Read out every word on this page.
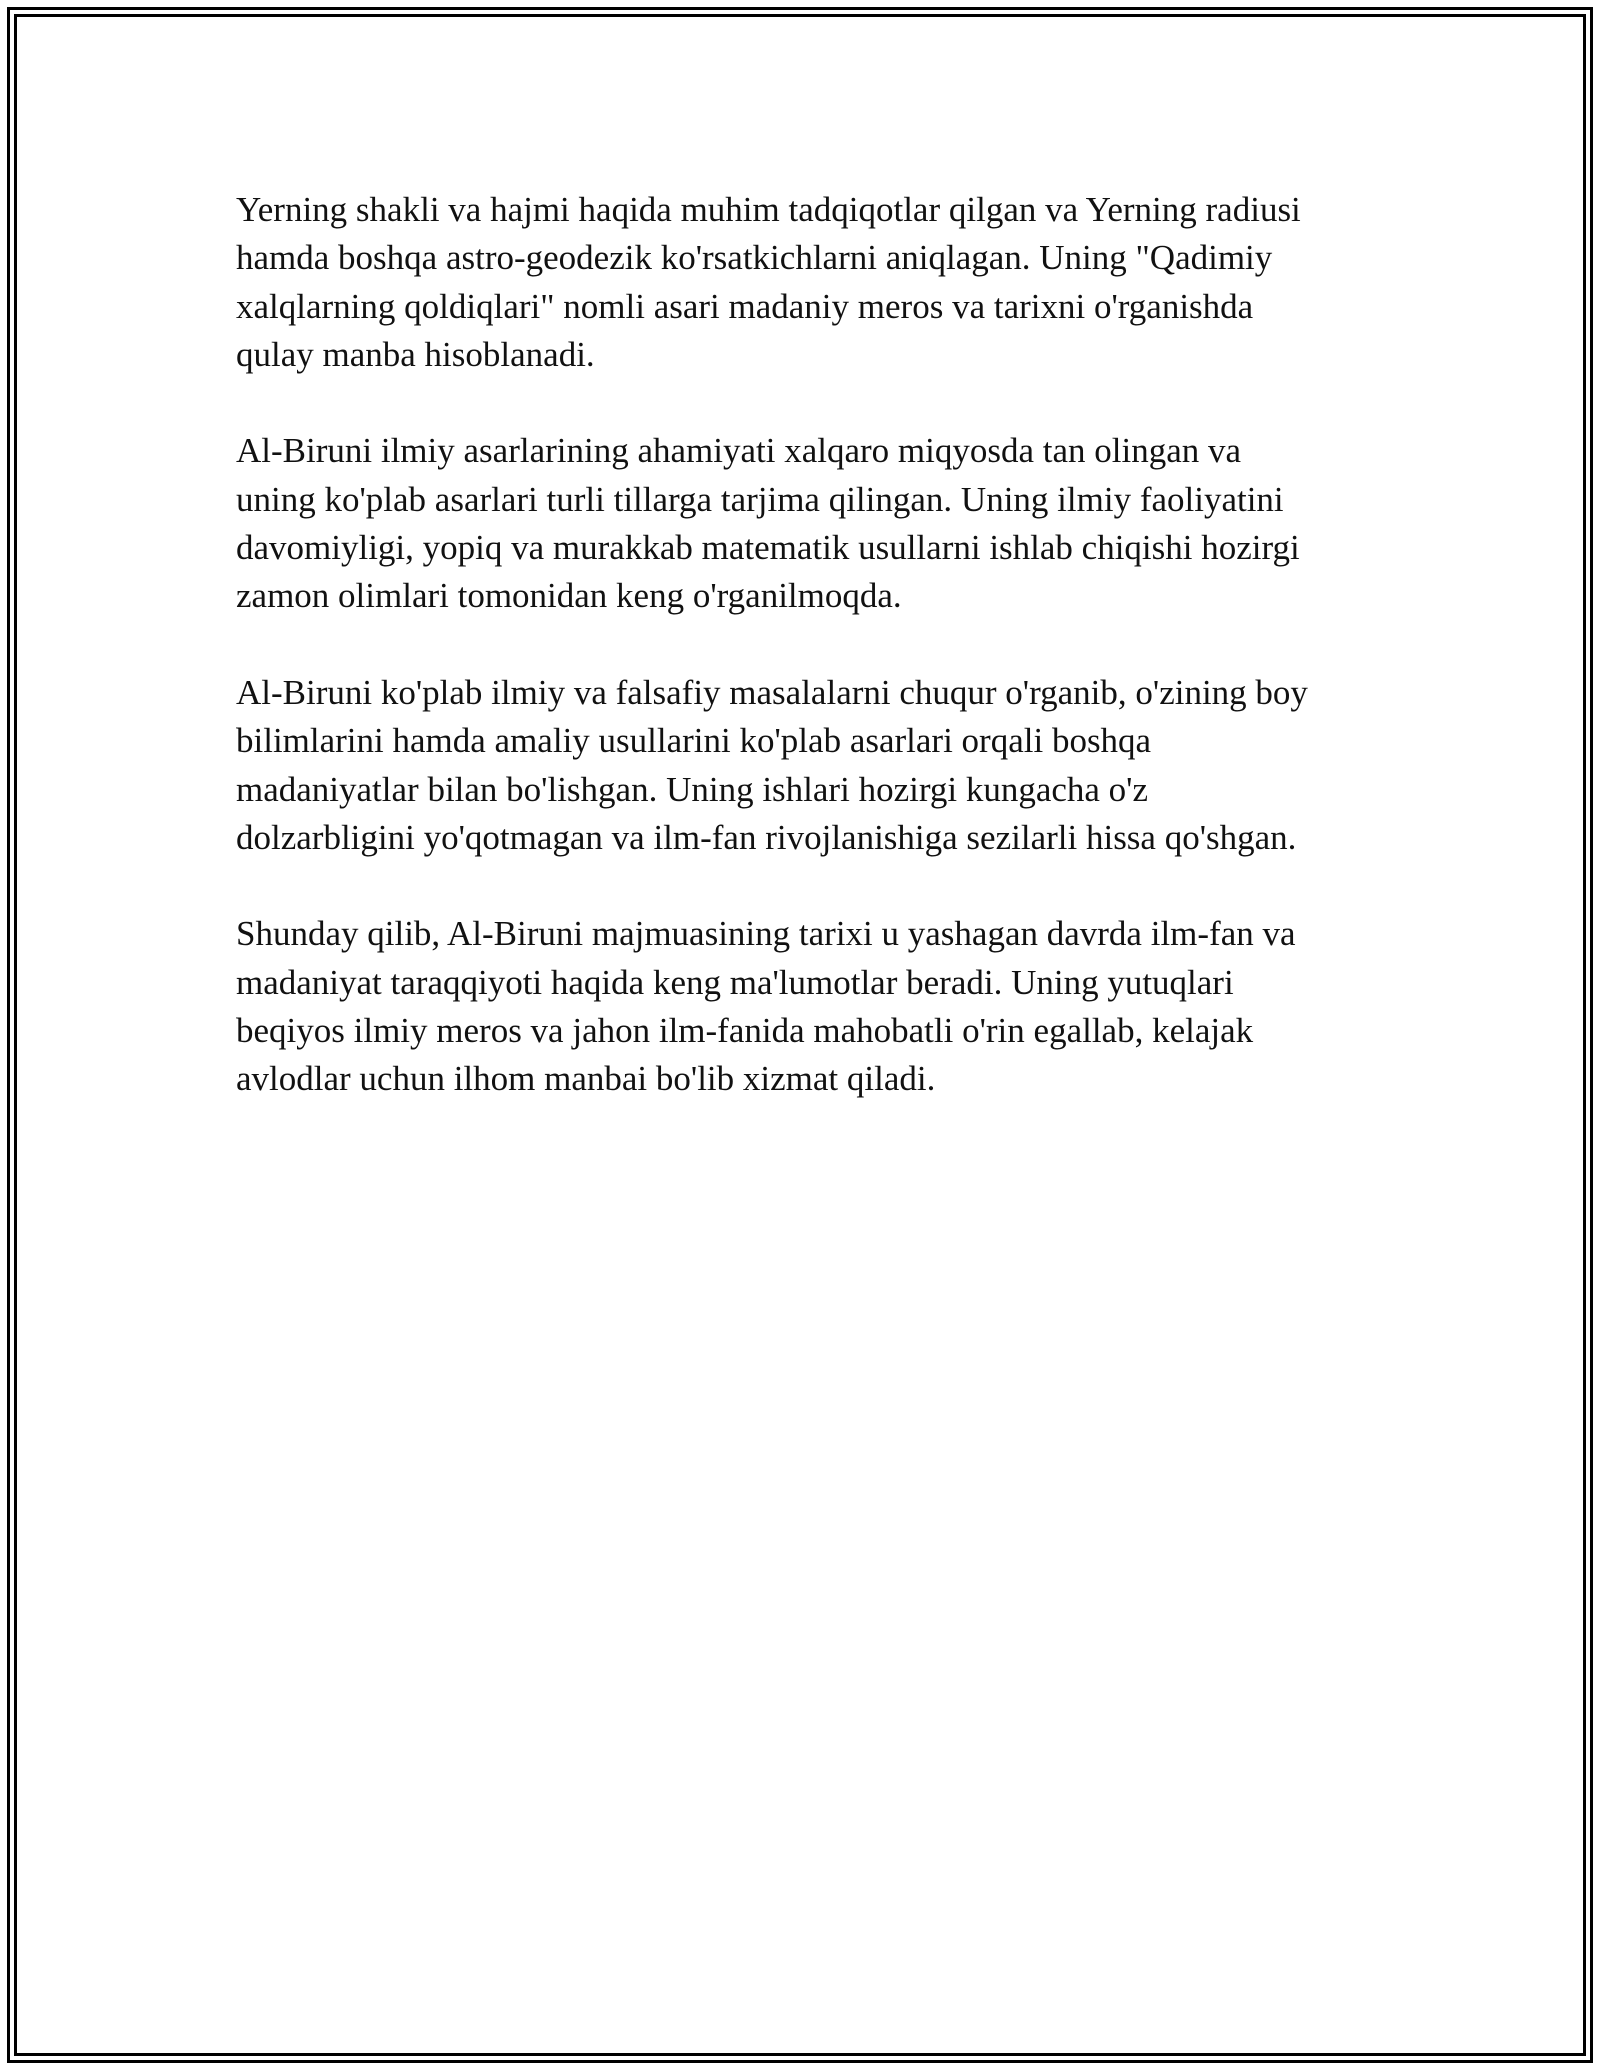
Yerning shakli va hajmi haqida muhim tadqiqotlar qilgan va Yerning radiusi
hamda boshqa astro-geodezik ko'rsatkichlarni aniqlagan. Uning "Qadimiy
xalqlarning qoldiqlari" nomli asari madaniy meros va tarixni o'rganishda
qulay manba hisoblanadi.

Al-Biruni ilmiy asarlarining ahamiyati xalqaro miqyosda tan olingan va
uning ko'plab asarlari turli tillarga tarjima qilingan. Uning ilmiy faoliyatini
davomiyligi, yopiq va murakkab matematik usullarni ishlab chiqishi hozirgi
zamon olimlari tomonidan keng o'rganilmoqda.

Al-Biruni ko'plab ilmiy va falsafiy masalalarni chuqur o'rganib, o'zining boy
bilimlarini hamda amaliy usullarini ko'plab asarlari orqali boshqa
madaniyatlar bilan bo'lishgan. Uning ishlari hozirgi kungacha o'z
dolzarbligini yo'qotmagan va ilm-fan rivojlanishiga sezilarli hissa qo'shgan.

Shunday qilib, Al-Biruni majmuasining tarixi u yashagan davrda ilm-fan va
madaniyat taraqqiyoti haqida keng ma'lumotlar beradi. Uning yutuqlari
beqiyos ilmiy meros va jahon ilm-fanida mahobatli o'rin egallab, kelajak
avlodlar uchun ilhom manbai bo'lib xizmat qiladi.
